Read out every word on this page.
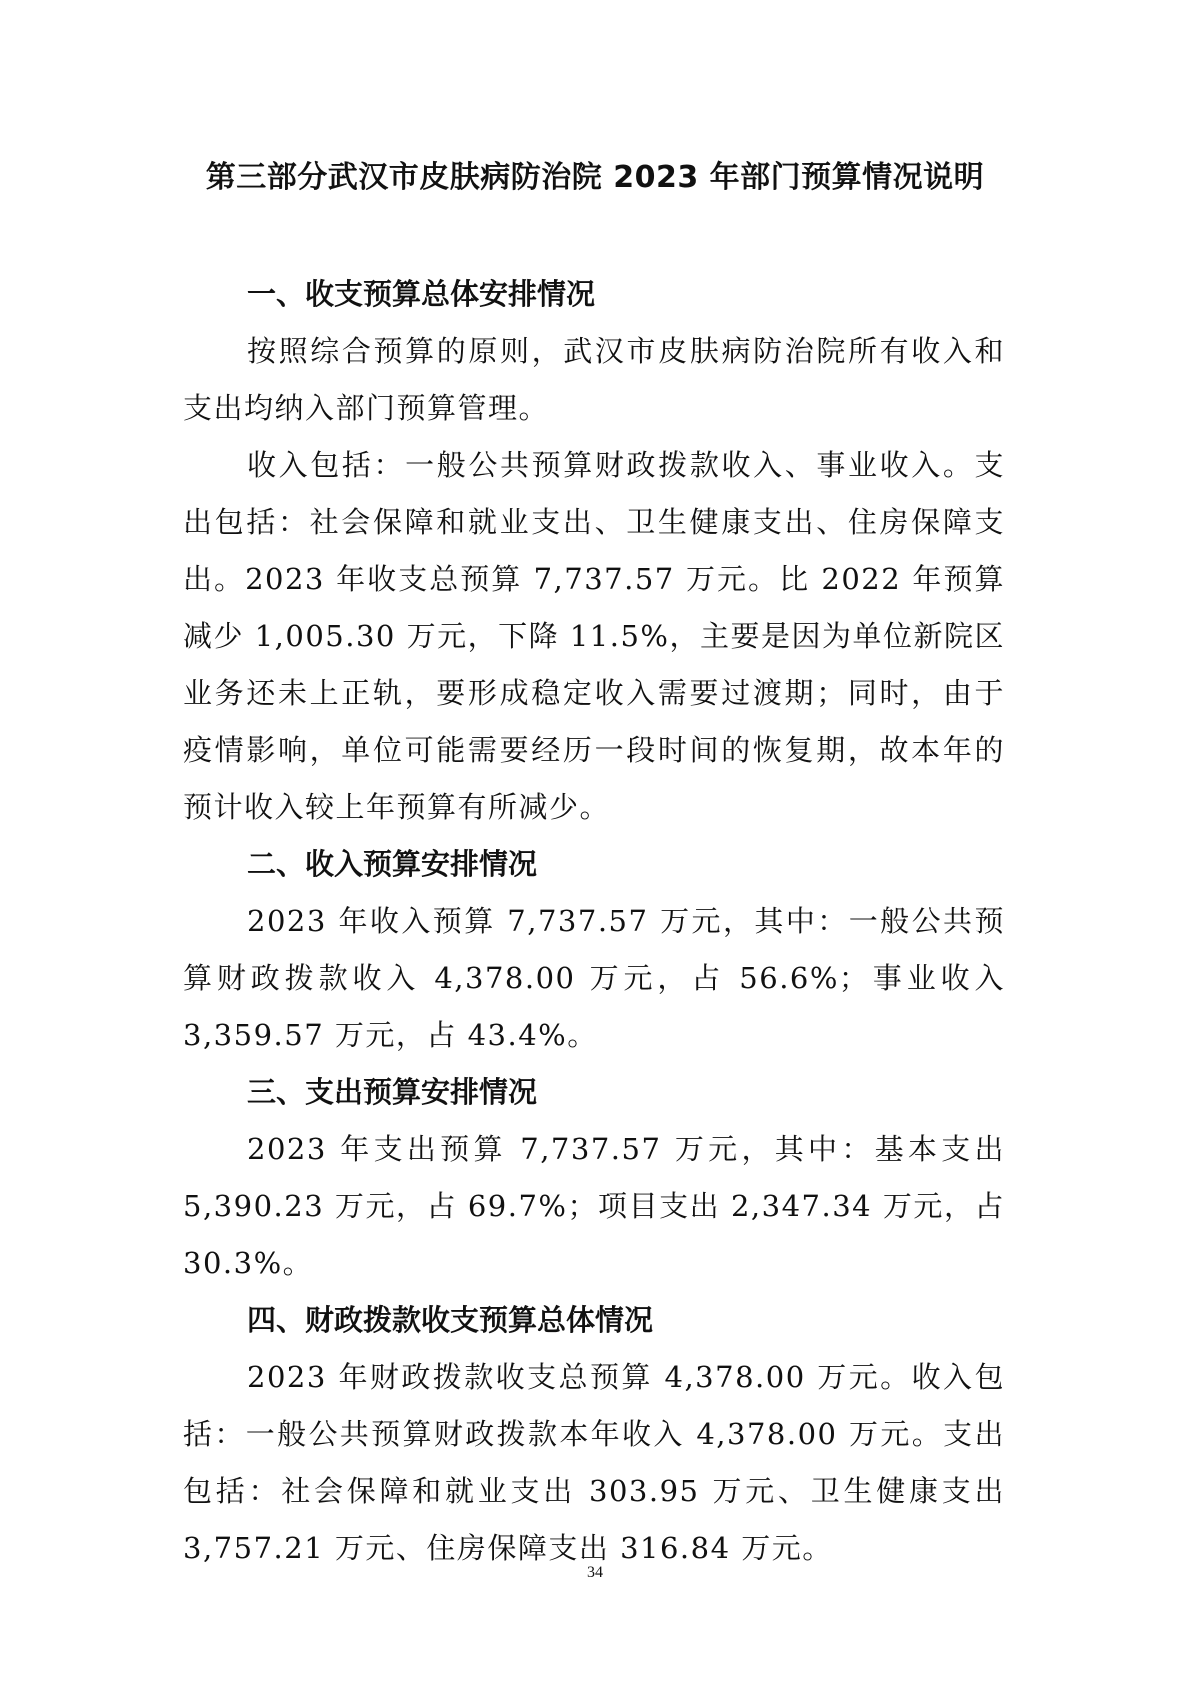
第三部分武汉市皮肤病防治院 2023 年部门预算情况说明

一、收支预算总体安排情况

按照综合预算的原则，武汉市皮肤病防治院所有收入和支出均纳入部门预算管理。

收入包括：一般公共预算财政拨款收入、事业收入。支出包括：社会保障和就业支出、卫生健康支出、住房保障支出。2023 年收支总预算 7,737.57 万元。比 2022 年预算减少 1,005.30 万元，下降 11.5%，主要是因为单位新院区业务还未上正轨，要形成稳定收入需要过渡期；同时，由于疫情影响，单位可能需要经历一段时间的恢复期，故本年的预计收入较上年预算有所减少。

二、收入预算安排情况

2023 年收入预算 7,737.57 万元，其中：一般公共预算财政拨款收入 4,378.00 万元，占 56.6%；事业收入 3,359.57 万元，占 43.4%。

三、支出预算安排情况

2023 年支出预算 7,737.57 万元，其中：基本支出 5,390.23 万元，占 69.7%；项目支出 2,347.34 万元，占 30.3%。

四、财政拨款收支预算总体情况

2023 年财政拨款收支总预算 4,378.00 万元。收入包括：一般公共预算财政拨款本年收入 4,378.00 万元。支出包括：社会保障和就业支出 303.95 万元、卫生健康支出 3,757.21 万元、住房保障支出 316.84 万元。

34
